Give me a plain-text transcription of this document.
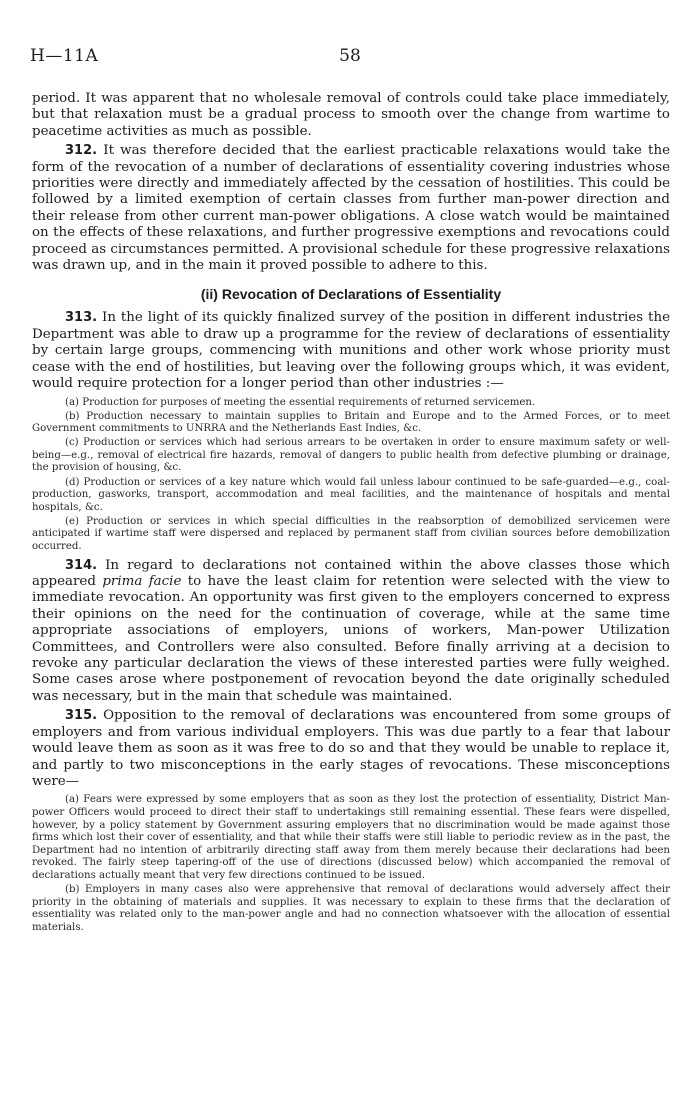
H—11A	58

period. It was apparent that no wholesale removal of controls could take place immediately, but that relaxation must be a gradual process to smooth over the change from wartime to peacetime activities as much as possible.

312. It was therefore decided that the earliest practicable relaxations would take the form of the revocation of a number of declarations of essentiality covering industries whose priorities were directly and immediately affected by the cessation of hostilities. This could be followed by a limited exemption of certain classes from further man-power direction and their release from other current man-power obligations. A close watch would be maintained on the effects of these relaxations, and further progressive exemptions and revocations could proceed as circumstances permitted. A provisional schedule for these progressive relaxations was drawn up, and in the main it proved possible to adhere to this.

(ii) Revocation of Declarations of Essentiality

313. In the light of its quickly finalized survey of the position in different industries the Department was able to draw up a programme for the review of declarations of essentiality by certain large groups, commencing with munitions and other work whose priority must cease with the end of hostilities, but leaving over the following groups which, it was evident, would require protection for a longer period than other industries :—

(a) Production for purposes of meeting the essential requirements of returned servicemen.

(b) Production necessary to maintain supplies to Britain and Europe and to the Armed Forces, or to meet Government commitments to UNRRA and the Netherlands East Indies, &c.

(c) Production or services which had serious arrears to be overtaken in order to ensure maximum safety or well-being—e.g., removal of electrical fire hazards, removal of dangers to public health from defective plumbing or drainage, the provision of housing, &c.

(d) Production or services of a key nature which would fail unless labour continued to be safe-guarded—e.g., coal-production, gasworks, transport, accommodation and meal facilities, and the maintenance of hospitals and mental hospitals, &c.

(e) Production or services in which special difficulties in the reabsorption of demobilized servicemen were anticipated if wartime staff were dispersed and replaced by permanent staff from civilian sources before demobilization occurred.

314. In regard to declarations not contained within the above classes those which appeared prima facie to have the least claim for retention were selected with the view to immediate revocation. An opportunity was first given to the employers concerned to express their opinions on the need for the continuation of coverage, while at the same time appropriate associations of employers, unions of workers, Man-power Utilization Committees, and Controllers were also consulted. Before finally arriving at a decision to revoke any particular declaration the views of these interested parties were fully weighed. Some cases arose where postponement of revocation beyond the date originally scheduled was necessary, but in the main that schedule was maintained.

315. Opposition to the removal of declarations was encountered from some groups of employers and from various individual employers. This was due partly to a fear that labour would leave them as soon as it was free to do so and that they would be unable to replace it, and partly to two misconceptions in the early stages of revocations. These misconceptions were—

(a) Fears were expressed by some employers that as soon as they lost the protection of essentiality, District Man-power Officers would proceed to direct their staff to undertakings still remaining essential. These fears were dispelled, however, by a policy statement by Government assuring employers that no discrimination would be made against those firms which lost their cover of essentiality, and that while their staffs were still liable to periodic review as in the past, the Department had no intention of arbitrarily directing staff away from them merely because their declarations had been revoked. The fairly steep tapering-off of the use of directions (discussed below) which accompanied the removal of declarations actually meant that very few directions continued to be issued.

(b) Employers in many cases also were apprehensive that removal of declarations would adversely affect their priority in the obtaining of materials and supplies. It was necessary to explain to these firms that the declaration of essentiality was related only to the man-power angle and had no connection whatsoever with the allocation of essential materials.
